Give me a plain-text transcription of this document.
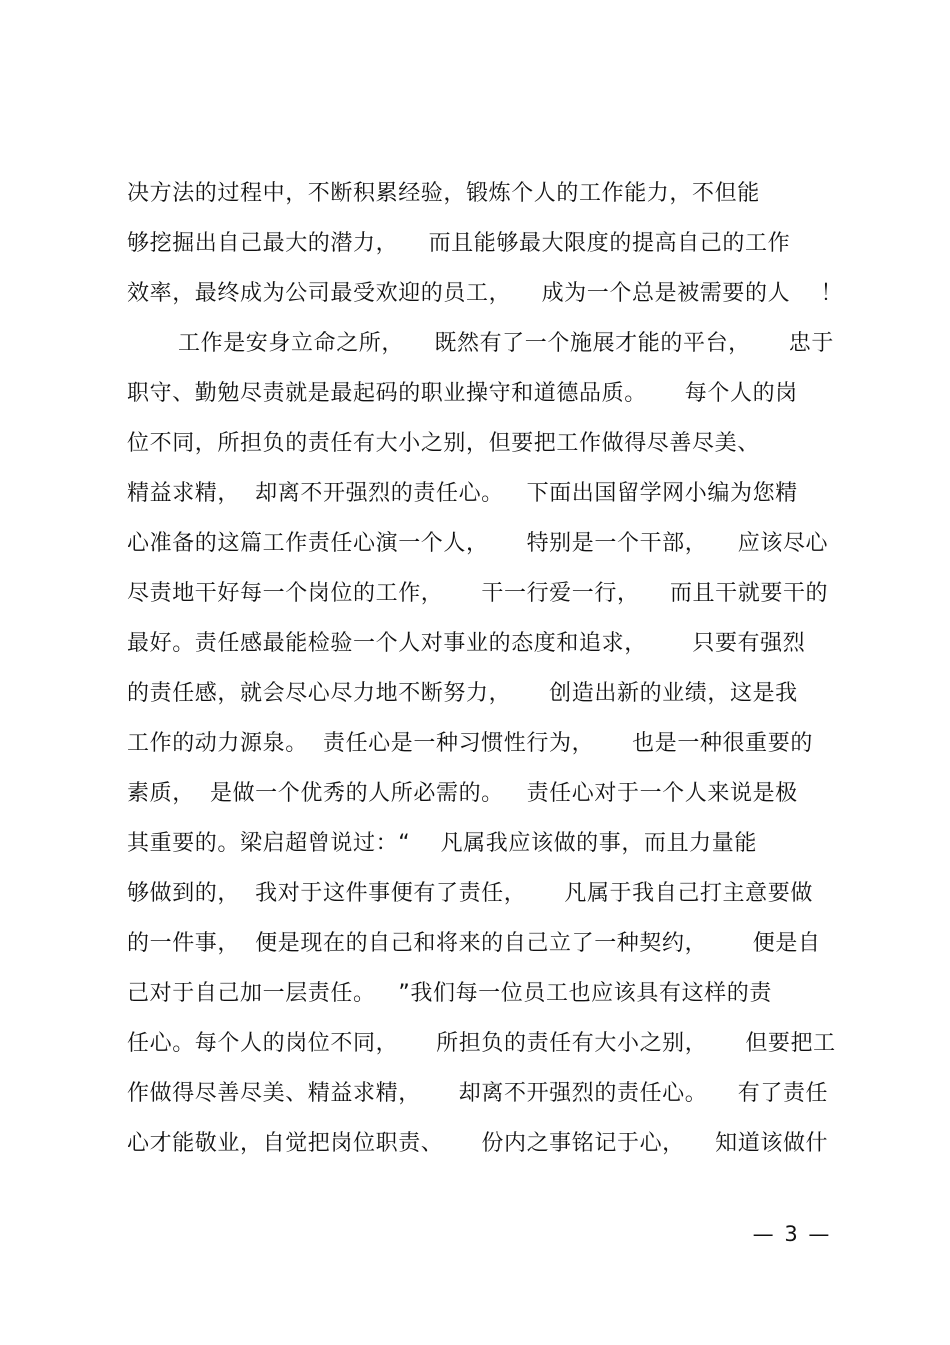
决方法的过程中，不断积累经验，锻炼个人的工作能力，不但能
够挖掘出自己最大的潜力，    而且能够最大限度的提高自己的工作
效率，最终成为公司最受欢迎的员工，    成为一个总是被需要的人    ！
工作是安身立命之所，    既然有了一个施展才能的平台，     忠于
职守、勤勉尽责就是最起码的职业操守和道德品质。     每个人的岗
位不同，所担负的责任有大小之别，但要把工作做得尽善尽美、
精益求精，  却离不开强烈的责任心。   下面出国留学网小编为您精
心准备的这篇工作责任心演一个人，     特别是一个干部，    应该尽心
尽责地干好每一个岗位的工作，     干一行爱一行，    而且干就要干的
最好。责任感最能检验一个人对事业的态度和追求，      只要有强烈
的责任感，就会尽心尽力地不断努力，     创造出新的业绩，这是我
工作的动力源泉。  责任心是一种习惯性行为，     也是一种很重要的
素质，  是做一个优秀的人所必需的。   责任心对于一个人来说是极
其重要的。梁启超曾说过：“    凡属我应该做的事，而且力量能
够做到的，  我对于这件事便有了责任，     凡属于我自己打主意要做
的一件事，  便是现在的自己和将来的自己立了一种契约，      便是自
己对于自己加一层责任。   ”我们每一位员工也应该具有这样的责
任心。每个人的岗位不同，     所担负的责任有大小之别，     但要把工
作做得尽善尽美、精益求精，     却离不开强烈的责任心。    有了责任
心才能敬业，自觉把岗位职责、     份内之事铭记于心，    知道该做什
— 3 —
